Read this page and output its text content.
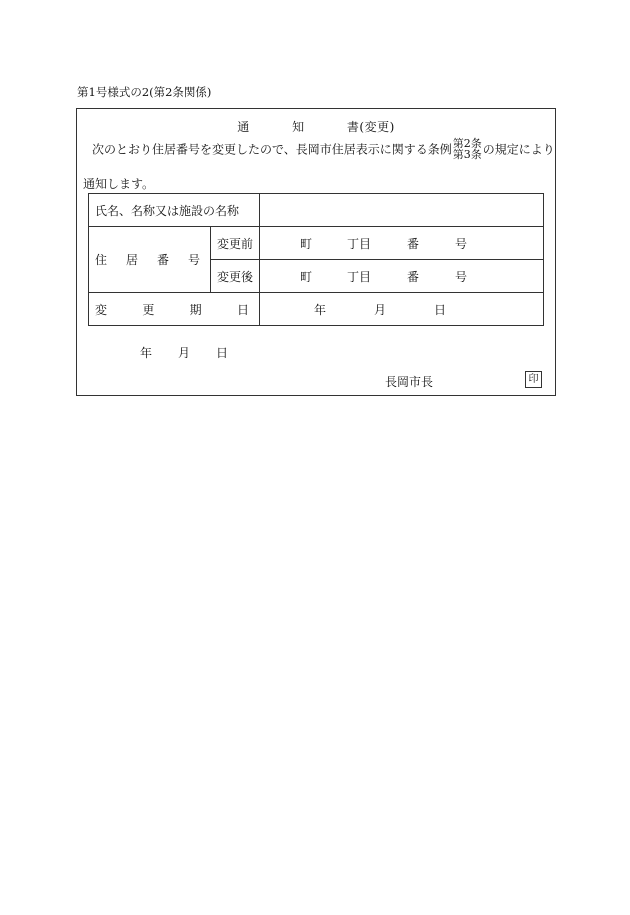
第1号様式の2(第2条関係)
通	知	書(変更)
次のとおり住居番号を変更したので、長岡市住居表示に関する条例 第2条
第3条 の規定により
通知します。
氏名、名称又は施設の名称		

住 居 番 号	変更前	町 丁目 番 号

	変更後	町 丁目 番 号

変 更 期 日		年 月 日
年	月	日
長岡市長	印
